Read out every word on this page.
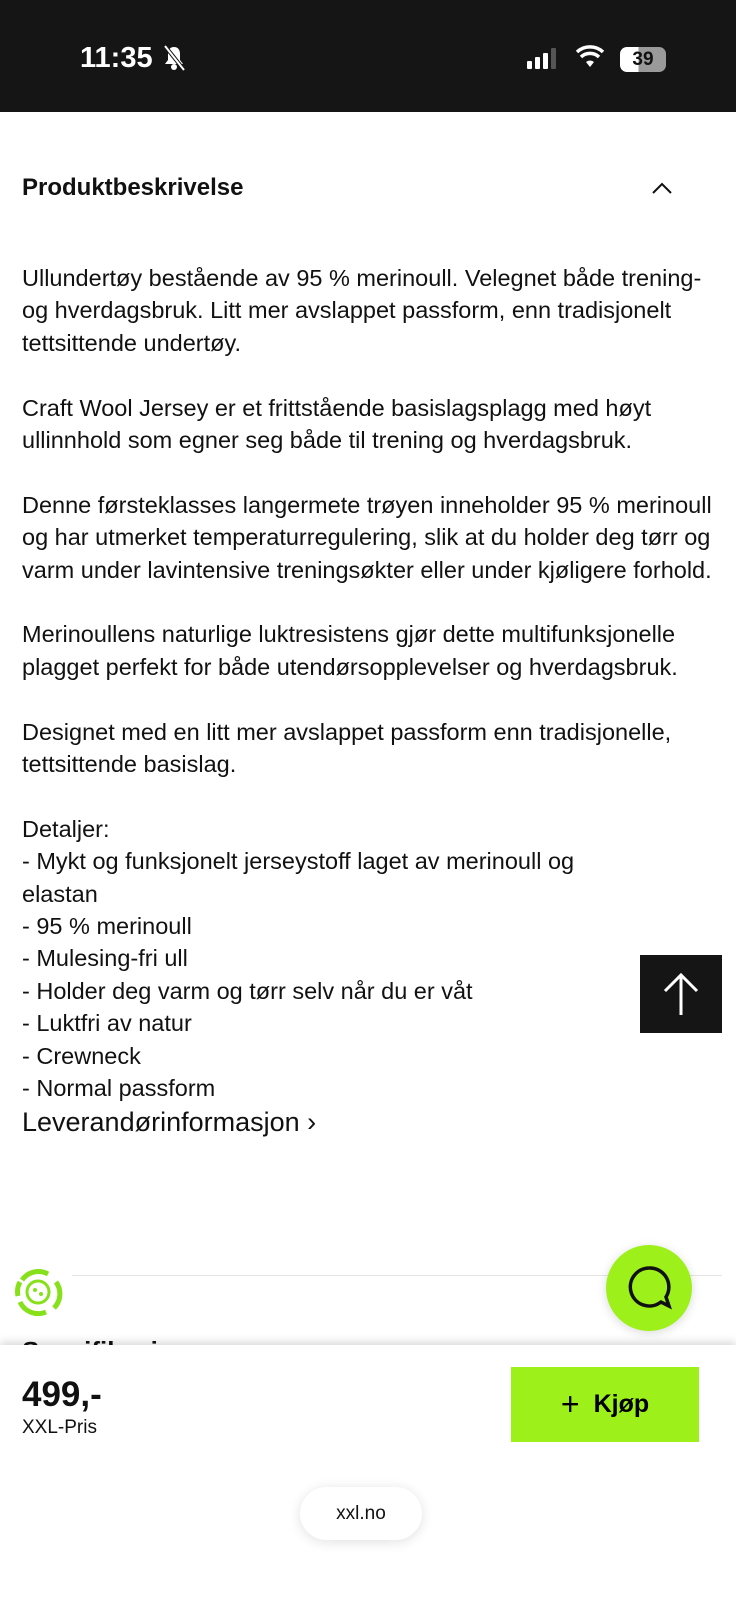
11:35	39
Produktbeskrivelse

Ullundertøy bestående av 95 % merinoull. Velegnet både trening- og hverdagsbruk. Litt mer avslappet passform, enn tradisjonelt tettsittende undertøy.

Craft Wool Jersey er et frittstående basislagsplagg med høyt ullinnhold som egner seg både til trening og hverdagsbruk.

Denne førsteklasses langermete trøyen inneholder 95 % merinoull og har utmerket temperaturregulering, slik at du holder deg tørr og varm under lavintensive treningsøkter eller under kjøligere forhold.

Merinoullens naturlige luktresistens gjør dette multifunksjonelle plagget perfekt for både utendørsopplevelser og hverdagsbruk.

Designet med en litt mer avslappet passform enn tradisjonelle, tettsittende basislag.

Detaljer:

- Mykt og funksjonelt jerseystoff laget av merinoull og elastan

- 95 % merinoull

- Mulesing-fri ull

- Holder deg varm og tørr selv når du er våt

- Luktfri av natur

- Crewneck

- Normal passform

Leverandørinformasjon ›
499,-
XXL-Pris
+ Kjøp
xxl.no
